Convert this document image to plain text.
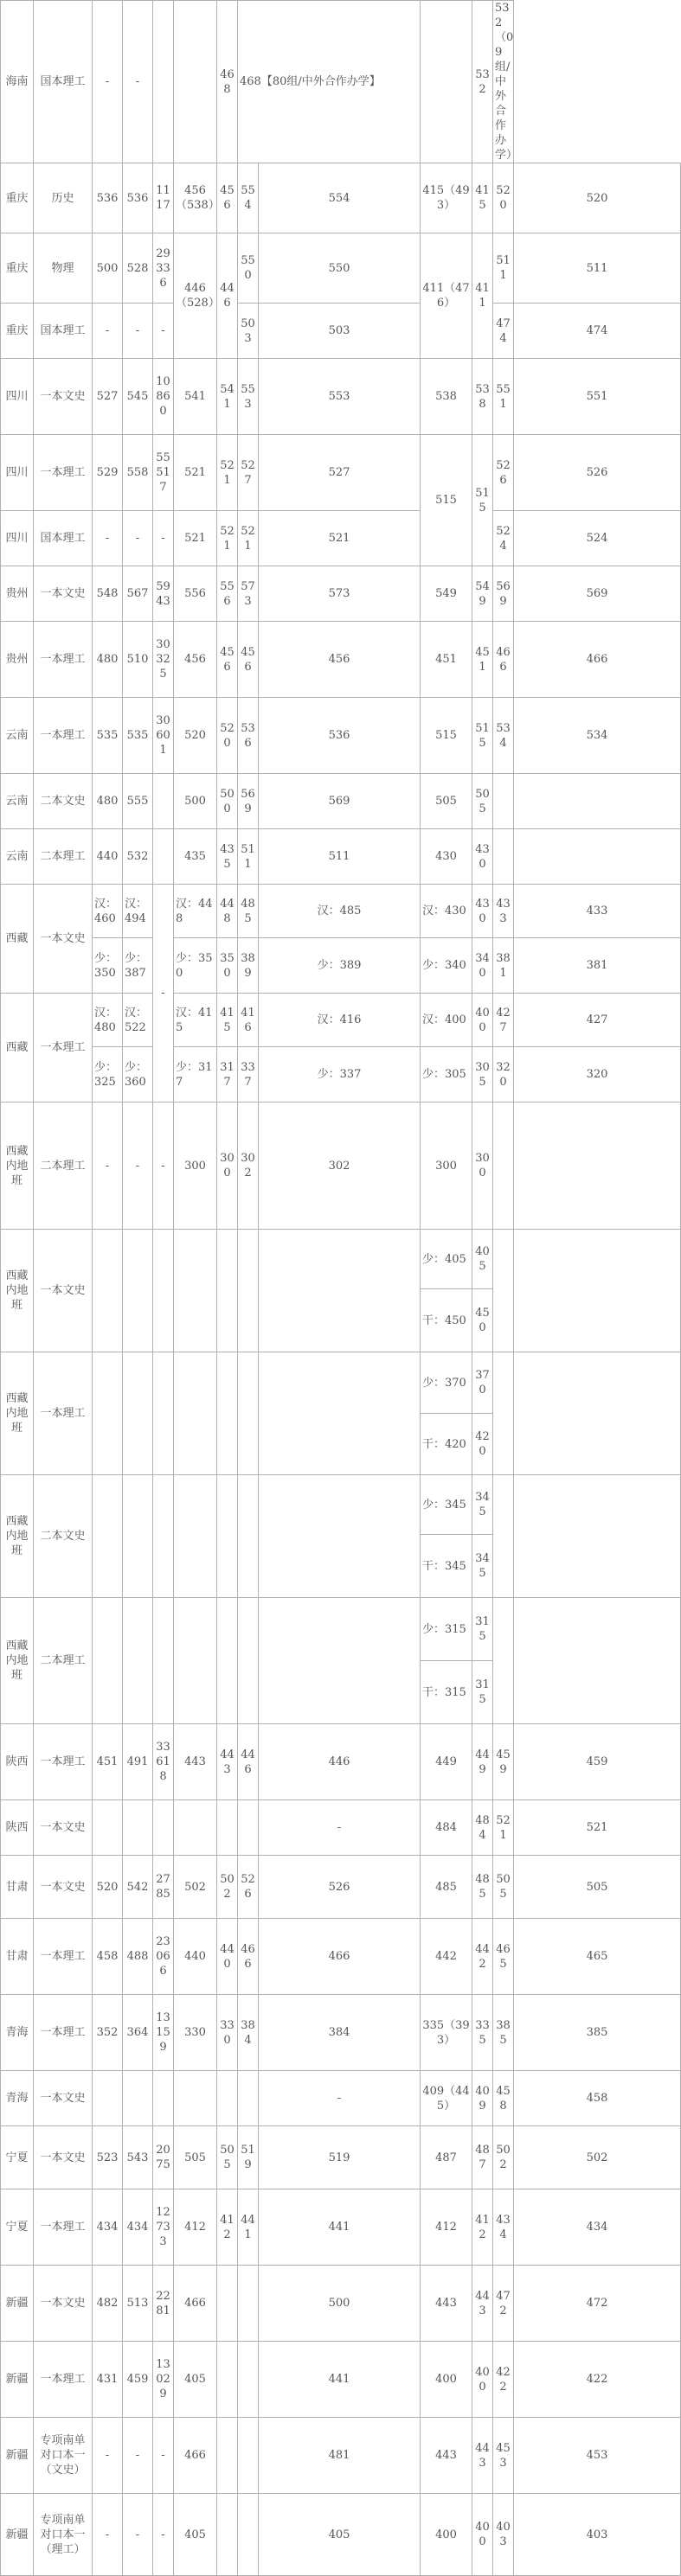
海南	国本理工	-	-			468	468【80组/中外合作办学】			532	532（09组/中外合作办学）	
重庆	历史	536	536	1117	456（538）	456	554	554	415（493）	415	520	520
重庆	物理	500	528	29336	446（528）	446	550	550	411（476）	411	511	511
重庆	国本理工	-	-	-			503	503			474	474
四川	一本文史	527	545	10860	541	541	553	553	538	538	551	551
四川	一本理工	529	558	55517	521	521	527	527	515	515	526	526
四川	国本理工	-	-	-	521	521	521	521			524	524
贵州	一本文史	548	567	5943	556	556	573	573	549	549	569	569
贵州	一本理工	480	510	30325	456	456	456	456	451	451	466	466
云南	一本理工	535	535	30601	520	520	536	536	515	515	534	534
云南	二本文史	480	555		500	500	569	569	505	505		
云南	二本理工	440	532		435	435	511	511	430	430		
西藏	一本文史	汉：460	汉：494	-	汉：448	448	485	汉：485	汉：430	430	433	433
		少：350	少：387		少：350	350	389	少：389	少：340	340	381	381
西藏	一本理工	汉：480	汉：522		汉：415	415	416	汉：416	汉：400	400	427	427
		少：325	少：360		少：317	317	337	少：337	少：305	305	320	320
西藏内地班	二本理工	-	-	-	300	300	302	302	300	300		
西藏内地班	一本文史								少：405	405		
									干：450	450		
西藏内地班	一本理工								少：370	370		
									干：420	420		
西藏内地班	二本文史								少：345	345		
									干：345	345		
西藏内地班	二本理工								少：315	315		
									干：315	315		
陕西	一本理工	451	491	33618	443	443	446	446	449	449	459	459
陕西	一本文史							-	484	484	521	521
甘肃	一本文史	520	542	2785	502	502	526	526	485	485	505	505
甘肃	一本理工	458	488	23066	440	440	466	466	442	442	465	465
青海	一本理工	352	364	13159	330	330	384	384	335（393）	335	385	385
青海	一本文史							-	409（445）	409	458	458
宁夏	一本文史	523	543	2075	505	505	519	519	487	487	502	502
宁夏	一本理工	434	434	12733	412	412	441	441	412	412	434	434
新疆	一本文史	482	513	2281	466			500	443	443	472	472
新疆	一本理工	431	459	13029	405			441	400	400	422	422
新疆	专项南单对口本一（文史）	-	-	-	466			481	443	443	453	453
新疆	专项南单对口本一（理工）	-	-	-	405			405	400	400	403	403
